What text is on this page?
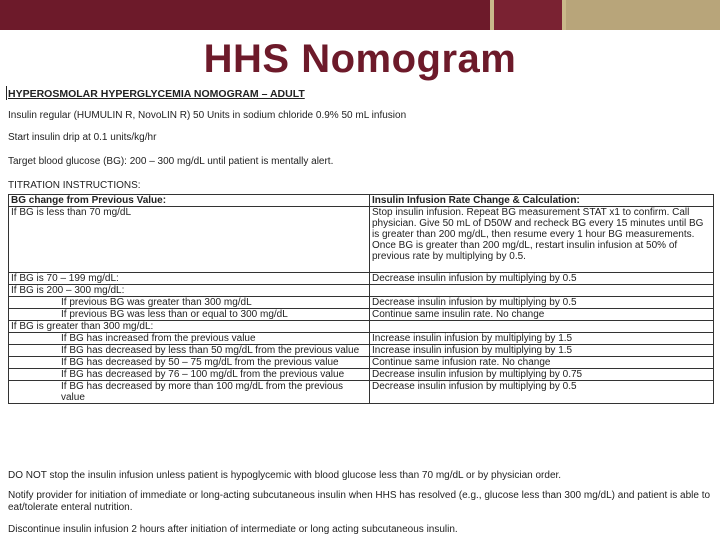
HHS Nomogram
HYPEROSMOLAR HYPERGLYCEMIA NOMOGRAM – ADULT
Insulin regular (HUMULIN R, NovoLIN R) 50 Units in sodium chloride 0.9% 50 mL infusion
Start insulin drip at 0.1 units/kg/hr
Target blood glucose (BG): 200 – 300 mg/dL until patient is mentally alert.
TITRATION INSTRUCTIONS:
BG change from Previous Value:	Insulin Infusion Rate Change & Calculation:
If BG is less than 70 mg/dL	Stop insulin infusion. Repeat BG measurement STAT x1 to confirm. Call physician. Give 50 mL of D50W and recheck BG every 15 minutes until BG is greater than 200 mg/dL, then resume every 1 hour BG measurements. Once BG is greater than 200 mg/dL, restart insulin infusion at 50% of previous rate by multiplying by 0.5.
If BG is 70 – 199 mg/dL:	Decrease insulin infusion by multiplying by 0.5
If BG is 200 – 300 mg/dL:	
If previous BG was greater than 300 mg/dL	Decrease insulin infusion by multiplying by 0.5
If previous BG was less than or equal to 300 mg/dL	Continue same insulin rate. No change
If BG is greater than 300 mg/dL:	
If BG has increased from the previous value	Increase insulin infusion by multiplying by 1.5
If BG has decreased by less than 50 mg/dL from the previous value	Increase insulin infusion by multiplying by 1.5
If BG has decreased by 50 – 75 mg/dL from the previous value	Continue same infusion rate. No change
If BG has decreased by 76 – 100 mg/dL from the previous value	Decrease insulin infusion by multiplying by 0.75
If BG has decreased by more than 100 mg/dL from the previous value	Decrease insulin infusion by multiplying by 0.5
DO NOT stop the insulin infusion unless patient is hypoglycemic with blood glucose less than 70 mg/dL or by physician order.
Notify provider for initiation of immediate or long-acting subcutaneous insulin when HHS has resolved (e.g., glucose less than 300 mg/dL) and patient is able to eat/tolerate enteral nutrition.
Discontinue insulin infusion 2 hours after initiation of intermediate or long acting subcutaneous insulin.
